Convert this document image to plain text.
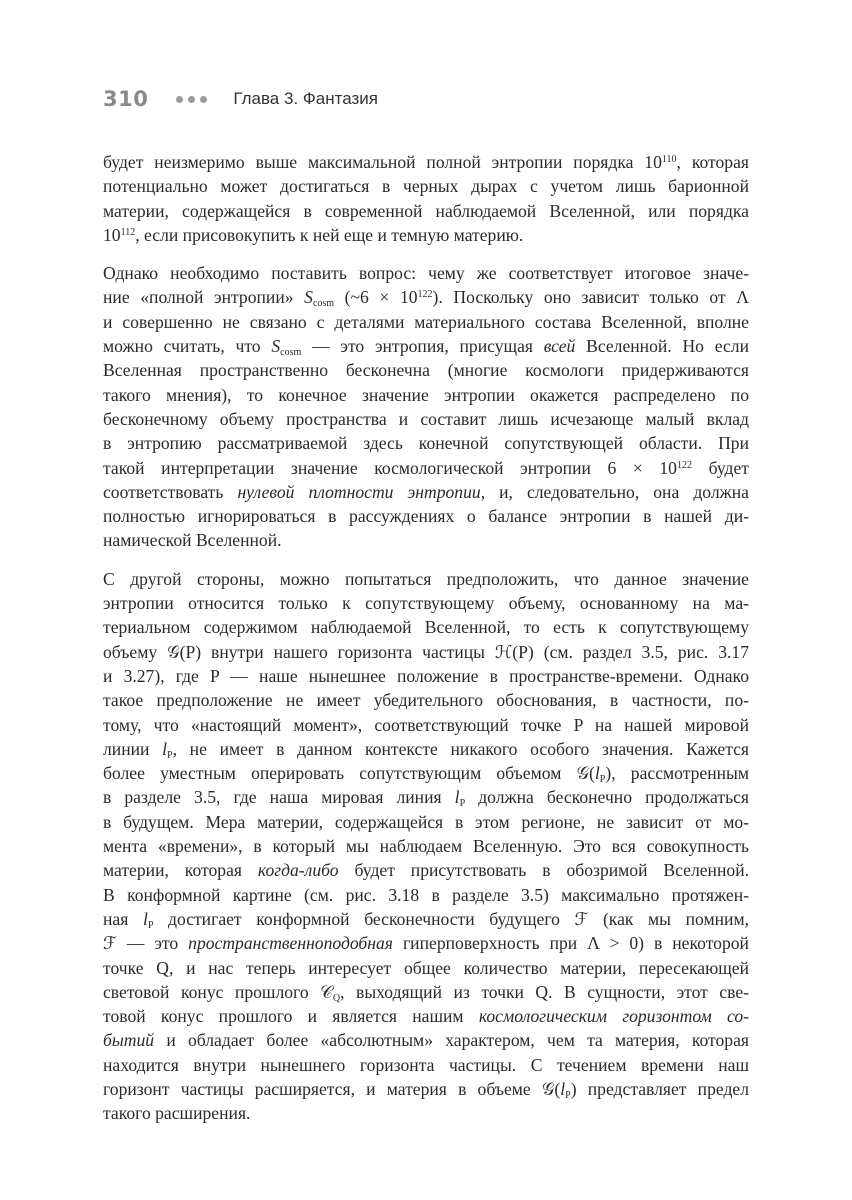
310	Глава 3. Фантазия
будет неизмеримо выше максимальной полной энтропии порядка $10^{110}$, которая
потенциально может достигаться в черных дырах с учетом лишь барионной
материи, содержащейся в современной наблюдаемой Вселенной, или порядка
$10^{112}$, если присовокупить к ней еще и темную материю.
Однако необходимо поставить вопрос: чему же соответствует итоговое значе-
ние «полной энтропии» $S_{cosm}$ (~6 × $10^{122}$). Поскольку оно зависит только от Λ
и совершенно не связано с деталями материального состава Вселенной, вполне
можно считать, что $S_{cosm}$ — это энтропия, присущая всей Вселенной. Но если
Вселенная пространственно бесконечна (многие космологи придерживаются
такого мнения), то конечное значение энтропии окажется распределено по
бесконечному объему пространства и составит лишь исчезающе малый вклад
в энтропию рассматриваемой здесь конечной сопутствующей области. При
такой интерпретации значение космологической энтропии $6 \times 10^{122}$ будет
соответствовать нулевой плотности энтропии, и, следовательно, она должна
полностью игнорироваться в рассуждениях о балансе энтропии в нашей ди-
намической Вселенной.
С другой стороны, можно попытаться предположить, что данное значение
энтропии относится только к сопутствующему объему, основанному на ма-
териальном содержимом наблюдаемой Вселенной, то есть к сопутствующему
объему 𝒢(P) внутри нашего горизонта частицы ℋ(P) (см. раздел 3.5, рис. 3.17
и 3.27), где P — наше нынешнее положение в пространстве-времени. Однако
такое предположение не имеет убедительного обоснования, в частности, по-
тому, что «настоящий момент», соответствующий точке P на нашей мировой
линии $l_P$, не имеет в данном контексте никакого особого значения. Кажется
более уместным оперировать сопутствующим объемом $𝒢(l_P)$, рассмотренным
в разделе 3.5, где наша мировая линия $l_P$ должна бесконечно продолжаться
в будущем. Мера материи, содержащейся в этом регионе, не зависит от мо-
мента «времени», в который мы наблюдаем Вселенную. Это вся совокупность
материи, которая когда-либо будет присутствовать в обозримой Вселенной.
В конформной картине (см. рис. 3.18 в разделе 3.5) максимально протяжен-
ная $l_P$ достигает конформной бесконечности будущего ℱ (как мы помним,
ℱ — это пространственноподобная гиперповерхность при Λ > 0) в некоторой
точке Q, и нас теперь интересует общее количество материи, пересекающей
световой конус прошлого 𝒞$_Q$, выходящий из точки Q. В сущности, этот све-
товой конус прошлого и является нашим космологическим горизонтом со-
бытий и обладает более «абсолютным» характером, чем та материя, которая
находится внутри нынешнего горизонта частицы. С течением времени наш
горизонт частицы расширяется, и материя в объеме $𝒢(l_P)$ представляет предел
такого расширения.
